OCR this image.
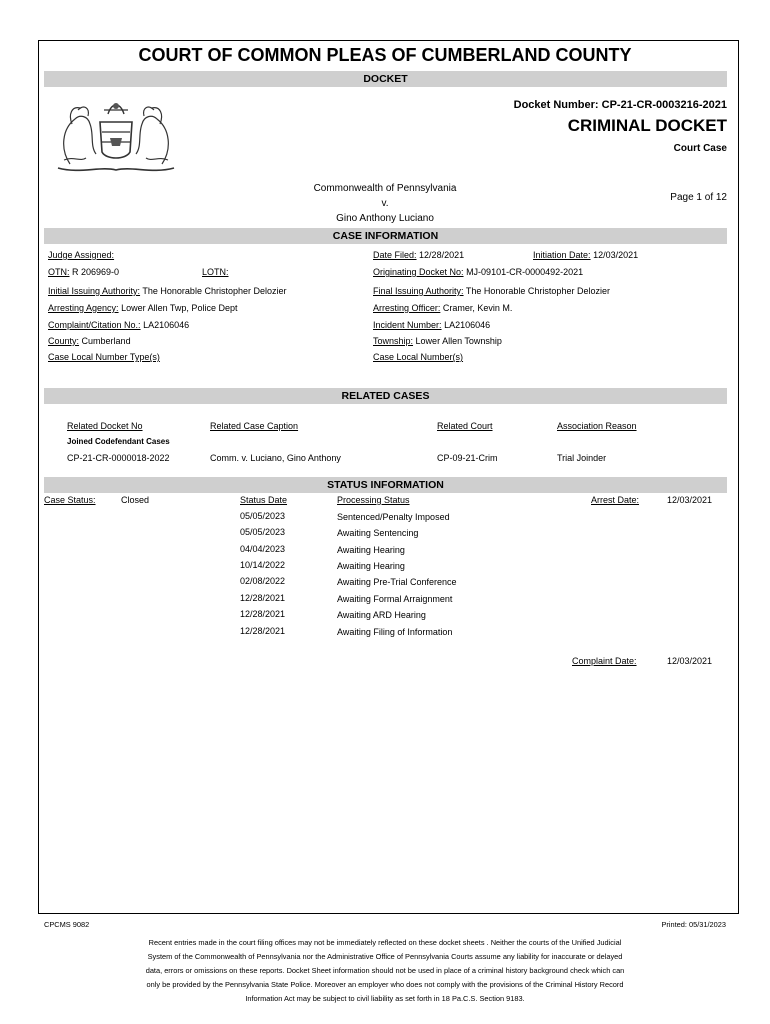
COURT OF COMMON PLEAS OF CUMBERLAND COUNTY
DOCKET
Docket Number: CP-21-CR-0003216-2021
CRIMINAL DOCKET
Court Case
Page 1 of 12
Commonwealth of Pennsylvania
v.
Gino Anthony Luciano
CASE INFORMATION
Judge Assigned:
OTN: R 206969-0	LOTN:
Initial Issuing Authority: The Honorable Christopher Delozier
Arresting Agency: Lower Allen Twp, Police Dept
Complaint/Citation No.: LA2106046
County: Cumberland
Case Local Number Type(s)
Date Filed: 12/28/2021	Initiation Date: 12/03/2021
Originating Docket No: MJ-09101-CR-0000492-2021
Final Issuing Authority: The Honorable Christopher Delozier
Arresting Officer: Cramer, Kevin M.
Incident Number: LA2106046
Township: Lower Allen Township
Case Local Number(s)
RELATED CASES
Related Docket No	Related Case Caption	Related Court	Association Reason
Joined Codefendant Cases
CP-21-CR-0000018-2022	Comm. v. Luciano, Gino Anthony	CP-09-21-Crim	Trial Joinder
STATUS INFORMATION
Case Status:	Closed	Status Date	Processing Status	Arrest Date:	12/03/2021
05/05/2023	Sentenced/Penalty Imposed
05/05/2023	Awaiting Sentencing
04/04/2023	Awaiting Hearing
10/14/2022	Awaiting Hearing
02/08/2022	Awaiting Pre-Trial Conference
12/28/2021	Awaiting Formal Arraignment
12/28/2021	Awaiting ARD Hearing
12/28/2021	Awaiting Filing of Information
Complaint Date:	12/03/2021
CPCMS 9082	Printed: 05/31/2023
Recent entries made in the court filing offices may not be immediately reflected on these docket sheets . Neither the courts of the Unified Judicial
System of the Commonwealth of Pennsylvania nor the Administrative Office of Pennsylvania Courts assume any liability for inaccurate or delayed
data, errors or omissions on these reports. Docket Sheet information should not be used in place of a criminal history background check which can
only be provided by the Pennsylvania State Police. Moreover an employer who does not comply with the provisions of the Criminal History Record
Information Act may be subject to civil liability as set forth in 18 Pa.C.S. Section 9183.
